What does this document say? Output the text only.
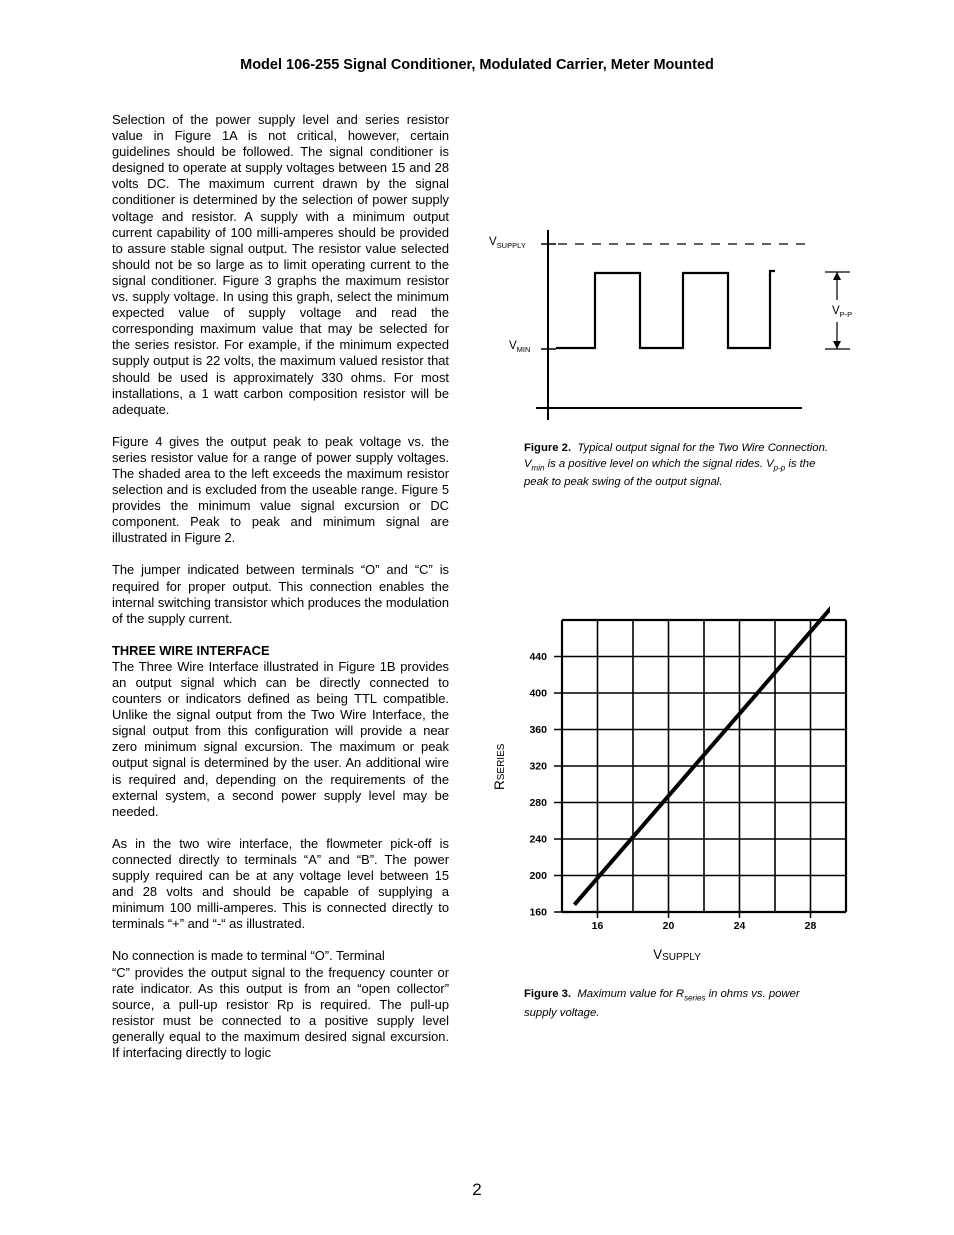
Model 106-255 Signal Conditioner, Modulated Carrier, Meter Mounted

Selection of the power supply level and series resistor value in Figure 1A is not critical, however, certain guidelines should be followed. The signal conditioner is designed to operate at supply voltages between 15 and 28 volts DC. The maximum current drawn by the signal conditioner is determined by the selection of power supply voltage and resistor. A supply with a minimum output current capability of 100 milli-amperes should be provided to assure stable signal output. The resistor value selected should not be so large as to limit operating current to the signal conditioner. Figure 3 graphs the maximum resistor vs. supply voltage. In using this graph, select the minimum expected value of supply voltage and read the corresponding maximum value that may be selected for the series resistor. For example, if the minimum expected supply output is 22 volts, the maximum valued resistor that should be used is approximately 330 ohms. For most installations, a 1 watt carbon composition resistor will be adequate.

Figure 4 gives the output peak to peak voltage vs. the series resistor value for a range of power supply voltages. The shaded area to the left exceeds the maximum resistor selection and is excluded from the useable range. Figure 5 provides the minimum value signal excursion or DC component. Peak to peak and minimum signal are illustrated in Figure 2.

The jumper indicated between terminals “O” and “C” is required for proper output. This connection enables the internal switching transistor which produces the modulation of the supply current.

THREE WIRE INTERFACE

The Three Wire Interface illustrated in Figure 1B provides an output signal which can be directly connected to counters or indicators defined as being TTL compatible. Unlike the signal output from the Two Wire Interface, the signal output from this configuration will provide a near zero minimum signal excursion. The maximum or peak output signal is determined by the user. An additional wire is required and, depending on the requirements of the external system, a second power supply level may be needed.

As in the two wire interface, the flowmeter pick-off is connected directly to terminals “A” and “B”. The power supply required can be at any voltage level between 15 and 28 volts and should be capable of supplying a minimum 100 milli-amperes. This is connected directly to terminals “+” and “-“ as illustrated.

No connection is made to terminal “O”. Terminal

“C” provides the output signal to the frequency counter or rate indicator. As this output is from an “open collector” source, a pull-up resistor Rp is required. The pull-up resistor must be connected to a positive supply level generally equal to the maximum desired signal excursion. If interfacing directly to logic

$V_{SUPPLY}$
$V_{MIN}$
$V_{P-P}$
Figure 2. Typical output signal for the Two Wire Connection.
$V_{min}$ is a positive level on which the signal rides. $V_{p-p}$ is the
peak to peak swing of the output signal.
160
200
240
280
320
360
400
440
16	20	24	28
VSUPPLY
RSERIES
Figure 3. Maximum value for $R_{series}$ in ohms vs. power
supply voltage.
2
